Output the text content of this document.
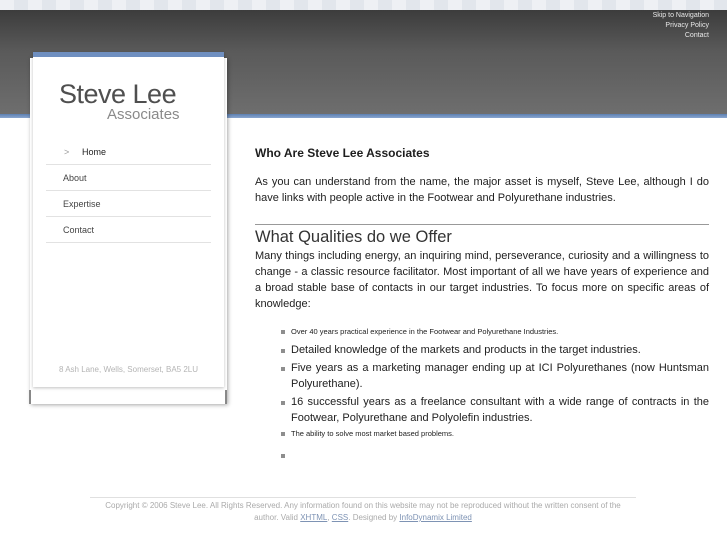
Skip to Navigation
Privacy Policy
Contact
Steve Lee
Associates
> Home
About
Expertise
Contact
8 Ash Lane, Wells, Somerset, BA5 2LU
Who Are Steve Lee Associates

As you can understand from the name, the major asset is myself, Steve Lee, although I do have links with people active in the Footwear and Polyurethane industries.

What Qualities do we Offer

Many things including energy, an inquiring mind, perseverance, curiosity and a willingness to change - a classic resource facilitator. Most important of all we have years of experience and a broad stable base of contacts in our target industries. To focus more on specific areas of knowledge:

Over 40 years practical experience in the Footwear and Polyurethane Industries.
Detailed knowledge of the markets and products in the target industries.
Five years as a marketing manager ending up at ICI Polyurethanes (now Huntsman Polyurethane).
16 successful years as a freelance consultant with a wide range of contracts in the Footwear, Polyurethane and Polyolefin industries.
The ability to solve most market based problems.
Copyright © 2006 Steve Lee. All Rights Reserved. Any information found on this website may not be reproduced without the written consent of the author. Valid XHTML, CSS. Designed by InfoDynamix Limited
